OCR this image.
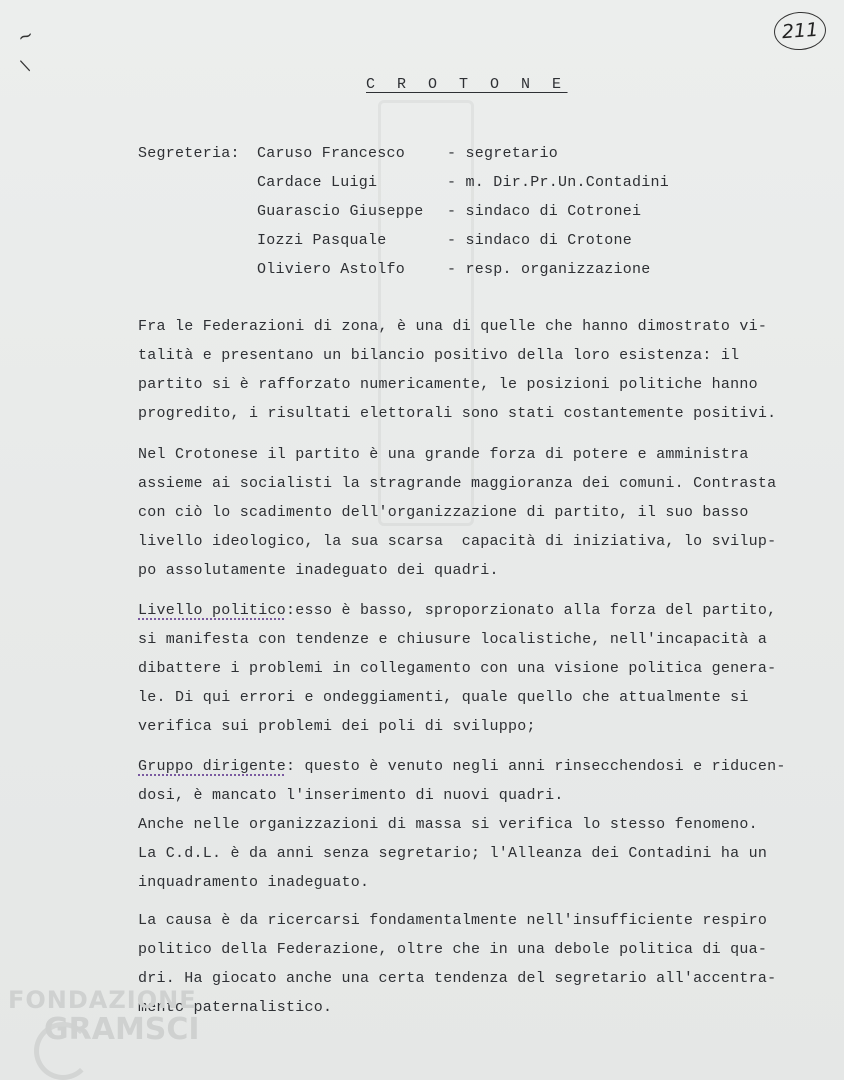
~
/
211
C R O T O N E
Segreteria: Caruso Francesco	- segretario
Cardace Luigi	- m. Dir.Pr.Un.Contadini
Guarascio Giuseppe - sindaco di Cotronei
Iozzi Pasquale	- sindaco di Crotone
Oliviero Astolfo	- resp. organizzazione
Fra le Federazioni di zona, è una di quelle che hanno dimostrato vi-
talità e presentano un bilancio positivo della loro esistenza: il
partito si è rafforzato numericamente, le posizioni politiche hanno
progredito, i risultati elettorali sono stati costantemente positivi.
Nel Crotonese il partito è una grande forza di potere e amministra
assieme ai socialisti la stragrande maggioranza dei comuni. Contrasta
con ciò lo scadimento dell'organizzazione di partito, il suo basso
livello ideologico, la sua scarsa  capacità di iniziativa, lo svilup-
po assolutamente inadeguato dei quadri.
Livello politico:esso è basso, sproporzionato alla forza del partito,
si manifesta con tendenze e chiusure localistiche, nell'incapacità a
dibattere i problemi in collegamento con una visione politica genera-
le. Di qui errori e ondeggiamenti, quale quello che attualmente si
verifica sui problemi dei poli di sviluppo;
Gruppo dirigente: questo è venuto negli anni rinsecchendosi e riducen-
dosi, è mancato l'inserimento di nuovi quadri.
Anche nelle organizzazioni di massa si verifica lo stesso fenomeno.
La C.d.L. è da anni senza segretario; l'Alleanza dei Contadini ha un
inquadramento inadeguato.
La causa è da ricercarsi fondamentalmente nell'insufficiente respiro
politico della Federazione, oltre che in una debole politica di qua-
dri. Ha giocato anche una certa tendenza del segretario all'accentra-
mento paternalistico.
FONDAZIONE
GRAMSCI
